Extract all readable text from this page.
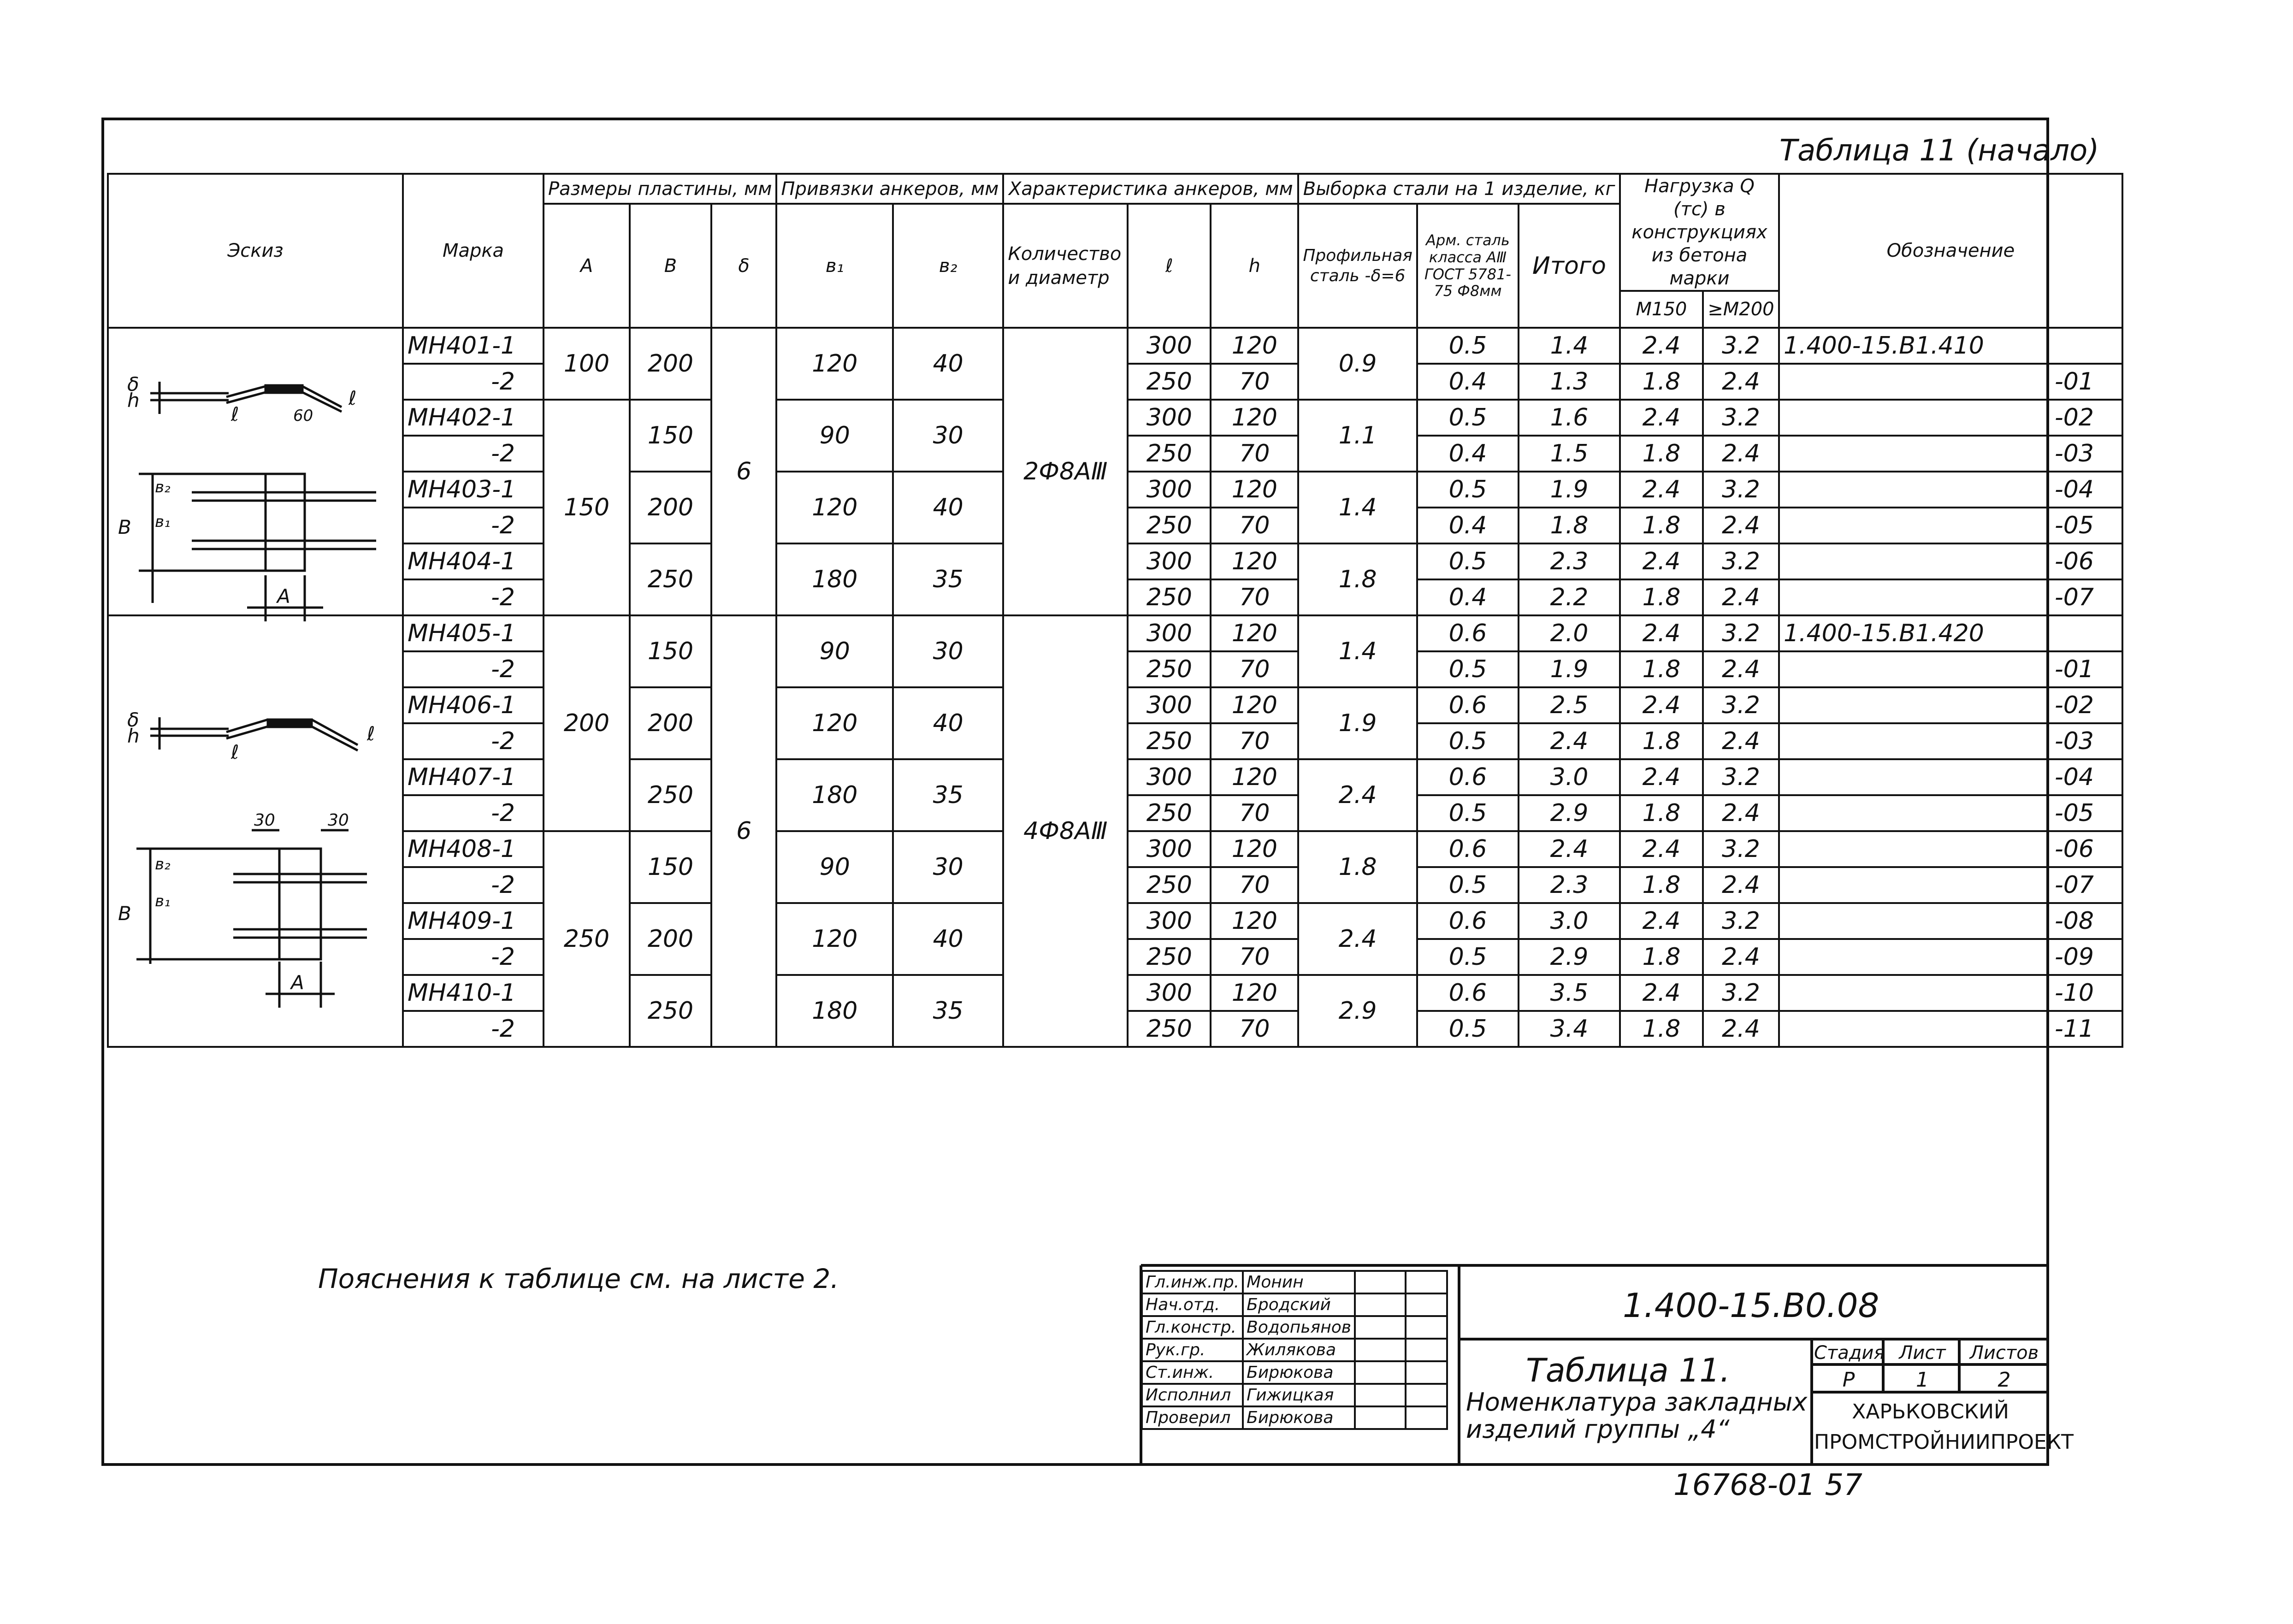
Таблица 11 (начало)
Эскиз	Марка	Размеры пластины, мм			Привязки анкеров, мм		Характеристика анкеров, мм			Выборка стали на 1 изделие, кг			Нагрузка Q (тс) в конструкциях из бетона марки		Обозначение
		А	В	δ	в₁	в₂	Количество и диаметр	ℓ	h	Профильная сталь -δ=6	Арм. сталь класса АⅢ ГОСТ 5781-75 Ф8мм	Итого			
													М150	≥М200	
	МН401-1	100	200	6	120	40	2Ф8АⅢ	300	120	0.9	0.5	1.4	2.4	3.2	1.400-15.В1.410
	-2							250	70		0.4	1.3	1.8	2.4	-01
	МН402-1	150	150		90	30		300	120	1.1	0.5	1.6	2.4	3.2	-02
	-2							250	70		0.4	1.5	1.8	2.4	-03
	МН403-1		200		120	40		300	120	1.4	0.5	1.9	2.4	3.2	-04
	-2							250	70		0.4	1.8	1.8	2.4	-05
	МН404-1		250		180	35		300	120	1.8	0.5	2.3	2.4	3.2	-06
	-2							250	70		0.4	2.2	1.8	2.4	-07
	МН405-1	200	150	6	90	30	4Ф8АⅢ	300	120	1.4	0.6	2.0	2.4	3.2	1.400-15.В1.420
	-2							250	70		0.5	1.9	1.8	2.4	-01
	МН406-1		200		120	40		300	120	1.9	0.6	2.5	2.4	3.2	-02
	-2							250	70		0.5	2.4	1.8	2.4	-03
	МН407-1		250		180	35		300	120	2.4	0.6	3.0	2.4	3.2	-04
	-2							250	70		0.5	2.9	1.8	2.4	-05
	МН408-1	250	150		90	30		300	120	1.8	0.6	2.4	2.4	3.2	-06
	-2							250	70		0.5	2.3	1.8	2.4	-07
	МН409-1		200		120	40		300	120	2.4	0.6	3.0	2.4	3.2	-08
	-2							250	70		0.5	2.9	1.8	2.4	-09
	МН410-1		250		180	35		300	120	2.9	0.6	3.5	2.4	3.2	-10
	-2							250	70		0.5	3.4	1.8	2.4	-11

h
δ
ℓ
ℓ
60
В в₁
в₂
А
h
δ
ℓ
ℓ
30	30
В
в₁
в₂
А
Пояснения к таблице см. на листе 2.	Гл.инж.пр.	Монин		
Нач.отд.	Бродский		
Гл.констр.	Водопьянов		
Рук.гр.	Жилякова		
Ст.инж.	Бирюкова		
Исполнил	Гижицкая		
Проверил	Бирюкова		
1.400-15.В0.08
Таблица 11.
Номенклатура закладных
изделий группы „4“
Стадия Лист	Листов
Р	1	2
ХАРЬКОВСКИЙ
ПРОМСТРОЙНИИПРОЕКТ
16768-01 57
